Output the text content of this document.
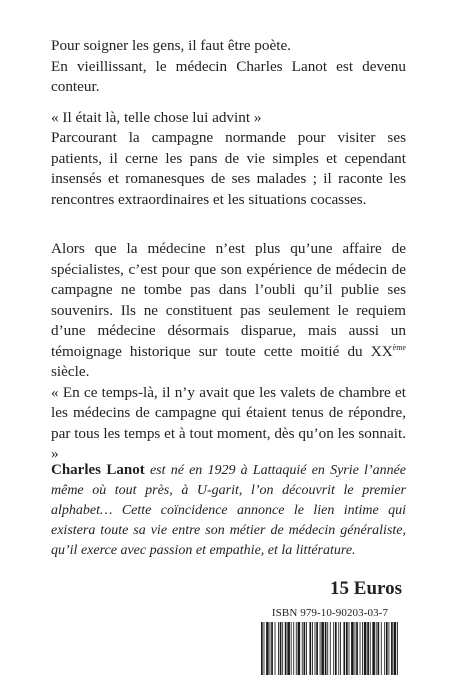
Pour soigner les gens, il faut être poète.

En vieillissant, le médecin Charles Lanot est devenu conteur.

« Il était là, telle chose lui advint »

Parcourant la campagne normande pour visiter ses patients, il cerne les pans de vie simples et cependant insensés et romanesques de ses malades ; il raconte les rencontres extraordinaires et les situations cocasses.

Alors que la médecine n’est plus qu’une affaire de spécialistes, c’est pour que son expérience de médecin de campagne ne tombe pas dans l’oubli qu’il publie ses souvenirs. Ils ne constituent pas seulement le requiem d’une médecine désormais disparue, mais aussi un témoignage historique sur toute cette moitié du XXème siècle.

« En ce temps-là, il n’y avait que les valets de chambre et les médecins de campagne qui étaient tenus de répondre, par tous les temps et à tout moment, dès qu’on les sonnait. »

Charles Lanot est né en 1929 à Lattaquié en Syrie l’année même où tout près, à U-garit, l’on découvrit le premier alphabet… Cette coïncidence annonce le lien intime qui existera toute sa vie entre son métier de médecin généraliste, qu’il exerce avec passion et empathie, et la littérature.

15 Euros

ISBN 979-10-90203-03-7
